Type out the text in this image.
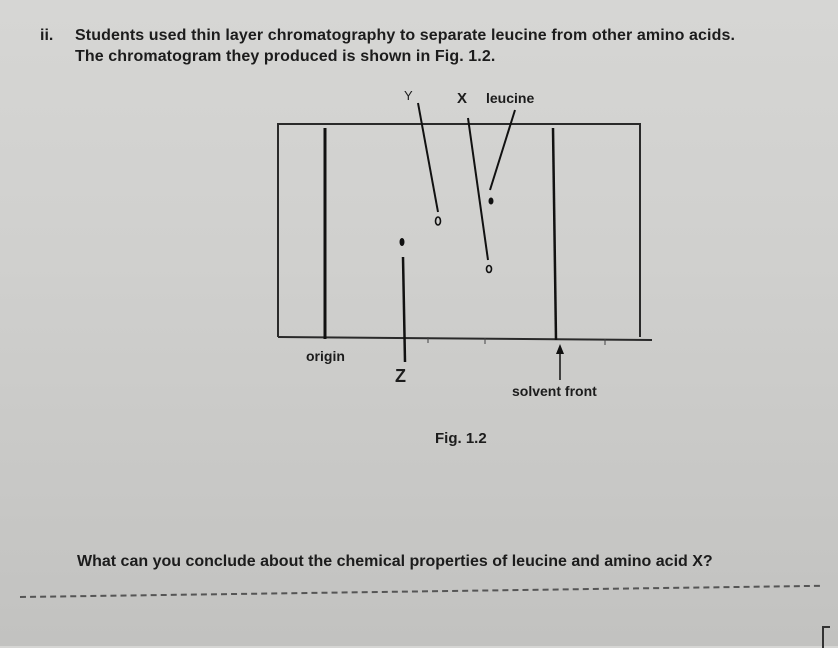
ii. Students used thin layer chromatography to separate leucine from other amino acids.
The chromatogram they produced is shown in Fig. 1.2.
Y	X leucine
origin
Z
solvent front
Fig. 1.2
What can you conclude about the chemical properties of leucine and amino acid X?
